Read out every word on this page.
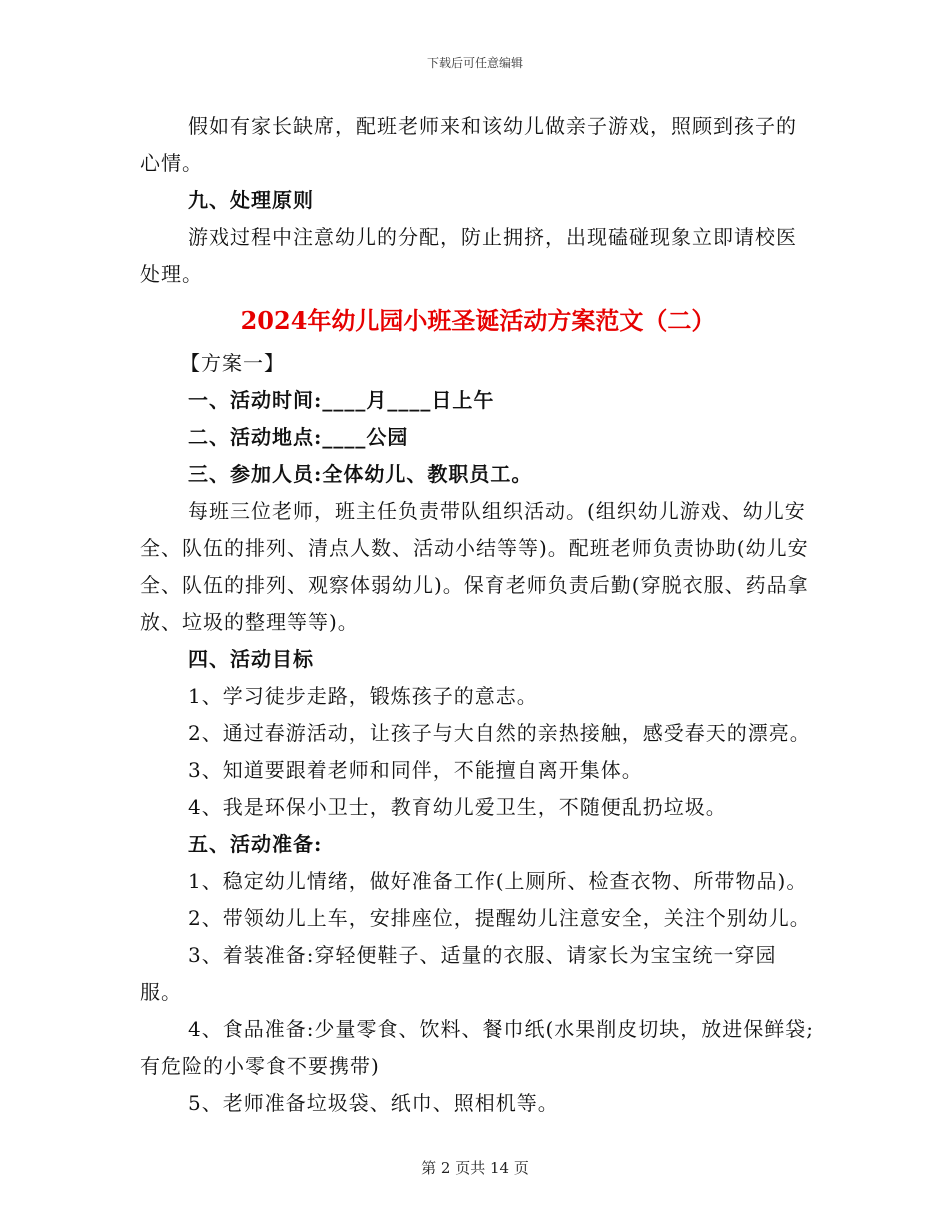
下载后可任意编辑

假如有家长缺席，配班老师来和该幼儿做亲子游戏，照顾到孩子的心情。

九、处理原则

游戏过程中注意幼儿的分配，防止拥挤，出现磕碰现象立即请校医处理。

2024年幼儿园小班圣诞活动方案范文（二）

【方案一】

一、活动时间:____月____日上午

二、活动地点:____公园

三、参加人员:全体幼儿、教职员工。

每班三位老师，班主任负责带队组织活动。(组织幼儿游戏、幼儿安全、队伍的排列、清点人数、活动小结等等)。配班老师负责协助(幼儿安全、队伍的排列、观察体弱幼儿)。保育老师负责后勤(穿脱衣服、药品拿放、垃圾的整理等等)。

四、活动目标

1、学习徒步走路，锻炼孩子的意志。

2、通过春游活动，让孩子与大自然的亲热接触，感受春天的漂亮。

3、知道要跟着老师和同伴，不能擅自离开集体。

4、我是环保小卫士，教育幼儿爱卫生，不随便乱扔垃圾。

五、活动准备:

1、稳定幼儿情绪，做好准备工作(上厕所、检查衣物、所带物品)。

2、带领幼儿上车，安排座位，提醒幼儿注意安全，关注个别幼儿。

3、着装准备:穿轻便鞋子、适量的衣服、请家长为宝宝统一穿园服。

4、食品准备:少量零食、饮料、餐巾纸(水果削皮切块，放进保鲜袋;有危险的小零食不要携带)

5、老师准备垃圾袋、纸巾、照相机等。

第 2 页共 14 页
